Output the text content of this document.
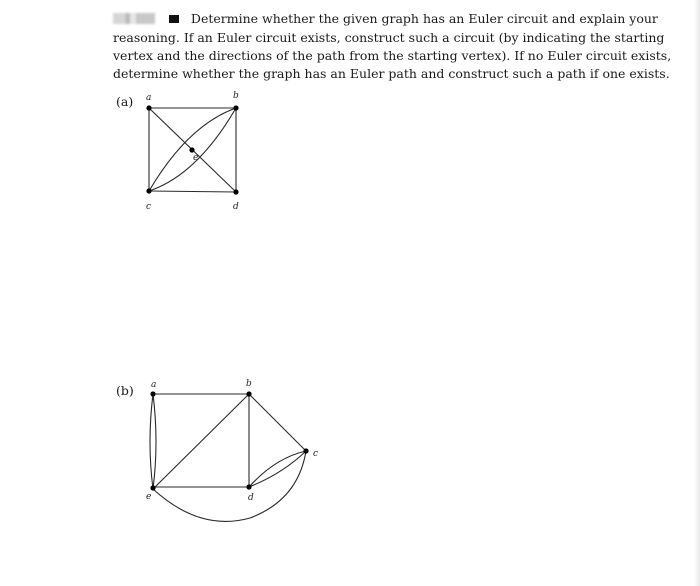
Determine whether the given graph has an Euler circuit and explain your
reasoning. If an Euler circuit exists, construct such a circuit (by indicating the starting
vertex and the directions of the path from the starting vertex). If no Euler circuit exists,
determine whether the graph has an Euler path and construct such a path if one exists.
(a) a	b
c	d
e
a	b
c
d
e
(b)
